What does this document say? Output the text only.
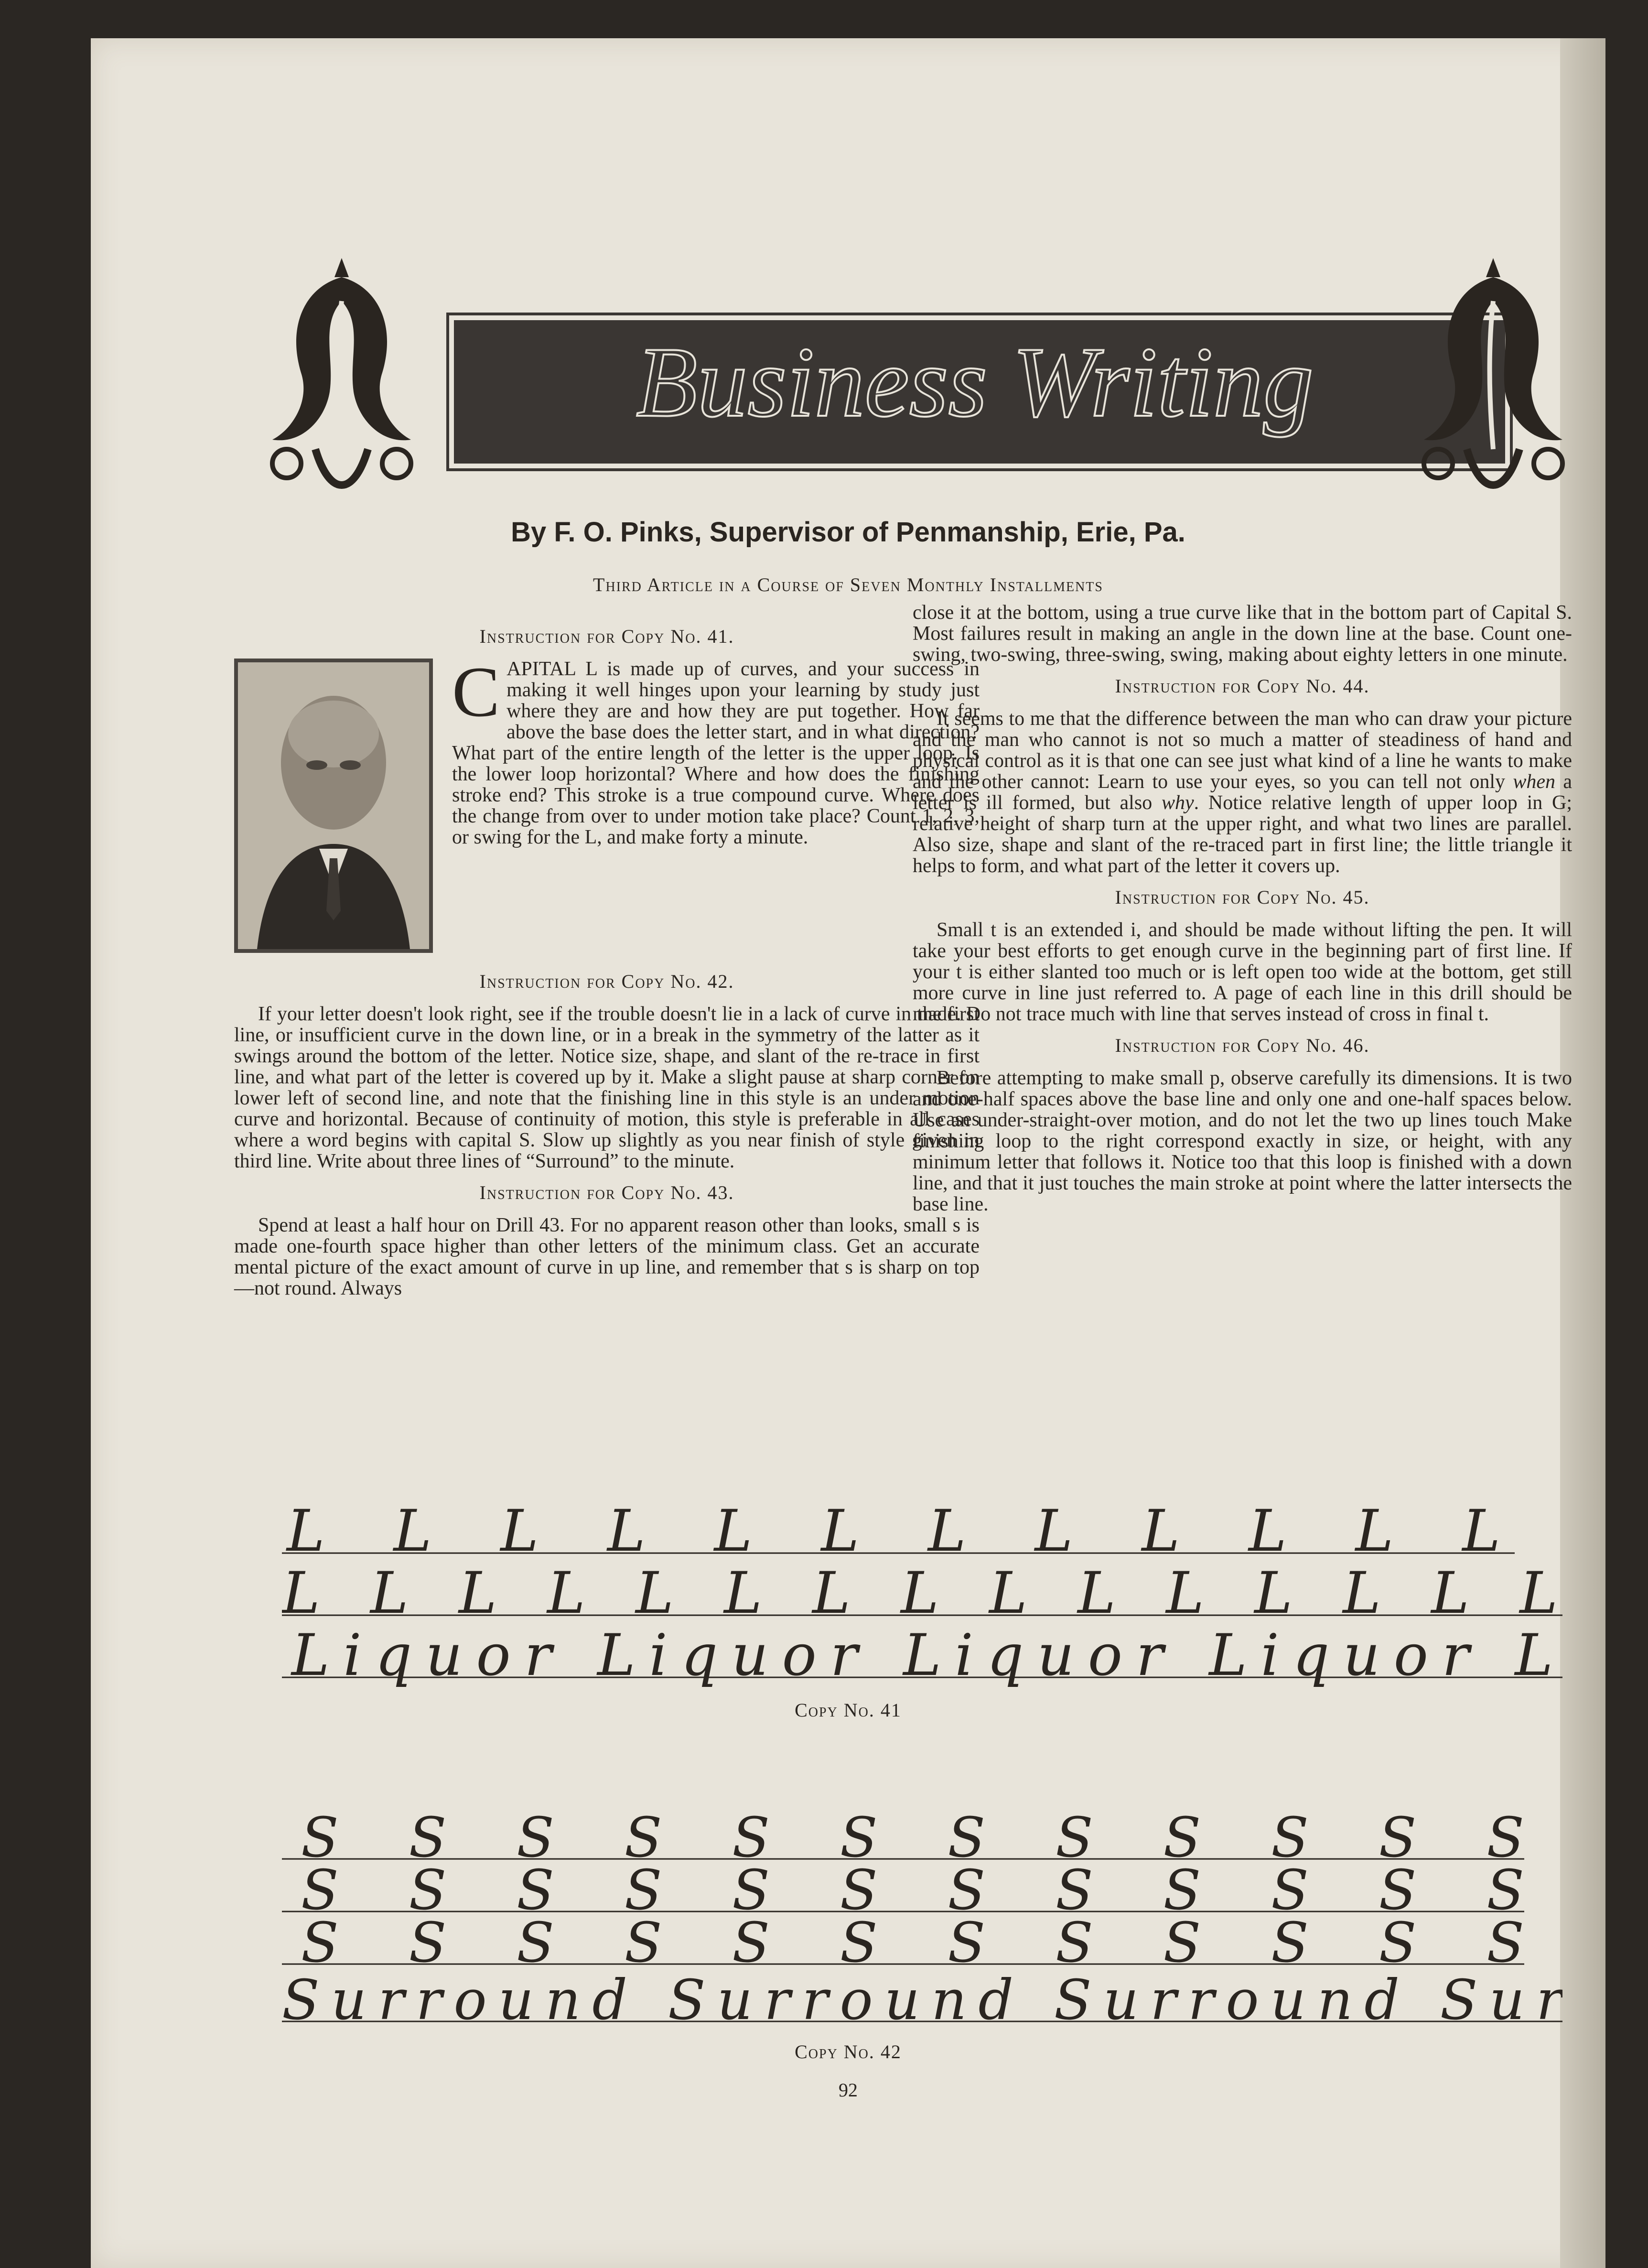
Business Writing
By F. O. Pinks, Supervisor of Penmanship, Erie, Pa.
Third Article in a Course of Seven Monthly Installments
Instruction for Copy No. 41.

CAPITAL L is made up of curves, and your success in making it well hinges upon your learning by study just where they are and how they are put together. How far above the base does the letter start, and in what direction? What part of the entire length of the letter is the upper loop. Is the lower loop horizontal? Where and how does the finishing stroke end? This stroke is a true compound curve. Where does the change from over to under motion take place? Count 1, 2, 3, or swing for the L, and make forty a minute.

Instruction for Copy No. 42.

If your letter doesn't look right, see if the trouble doesn't lie in a lack of curve in the first line, or insufficient curve in the down line, or in a break in the symmetry of the latter as it swings around the bottom of the letter. Notice size, shape, and slant of the re-trace in first line, and what part of the letter is covered up by it. Make a slight pause at sharp corner on lower left of second line, and note that the finishing line in this style is an under motion curve and horizontal. Because of continuity of motion, this style is preferable in all cases where a word begins with capital S. Slow up slightly as you near finish of style given in third line. Write about three lines of “Surround” to the minute.

Instruction for Copy No. 43.

Spend at least a half hour on Drill 43. For no apparent reason other than looks, small s is made one-fourth space higher than other letters of the minimum class. Get an accurate mental picture of the exact amount of curve in up line, and remember that s is sharp on top—not round. Always

close it at the bottom, using a true curve like that in the bottom part of Capital S. Most failures result in making an angle in the down line at the base. Count one-swing, two-swing, three-swing, swing, making about eighty letters in one minute.

Instruction for Copy No. 44.

It seems to me that the difference between the man who can draw your picture and the man who cannot is not so much a matter of steadiness of hand and physical control as it is that one can see just what kind of a line he wants to make and the other cannot: Learn to use your eyes, so you can tell not only when a letter is ill formed, but also why. Notice relative length of upper loop in G; relative height of sharp turn at the upper right, and what two lines are parallel. Also size, shape and slant of the re-traced part in first line; the little triangle it helps to form, and what part of the letter it covers up.

Instruction for Copy No. 45.

Small t is an extended i, and should be made without lifting the pen. It will take your best efforts to get enough curve in the beginning part of first line. If your t is either slanted too much or is left open too wide at the bottom, get still more curve in line just referred to. A page of each line in this drill should be made. Do not trace much with line that serves instead of cross in final t.

Instruction for Copy No. 46.

Before attempting to make small p, observe carefully its dimensions. It is two and one-half spaces above the base line and only one and one-half spaces below. Use an under-straight-over motion, and do not let the two up lines touch Make finishing loop to the right correspond exactly in size, or height, with any minimum letter that follows it. Notice too that this loop is finished with a down line, and that it just touches the main stroke at point where the latter intersects the base line.

L L L L L L L L L L L L
L L L L L L L L L L L L L L L
Liquor Liquor Liquor Liquor L
Copy No. 41
S S S S S S S S S S S S
S S S S S S S S S S S S
S S S S S S S S S S S S
Surround Surround Surround Sur
Copy No. 42
92
